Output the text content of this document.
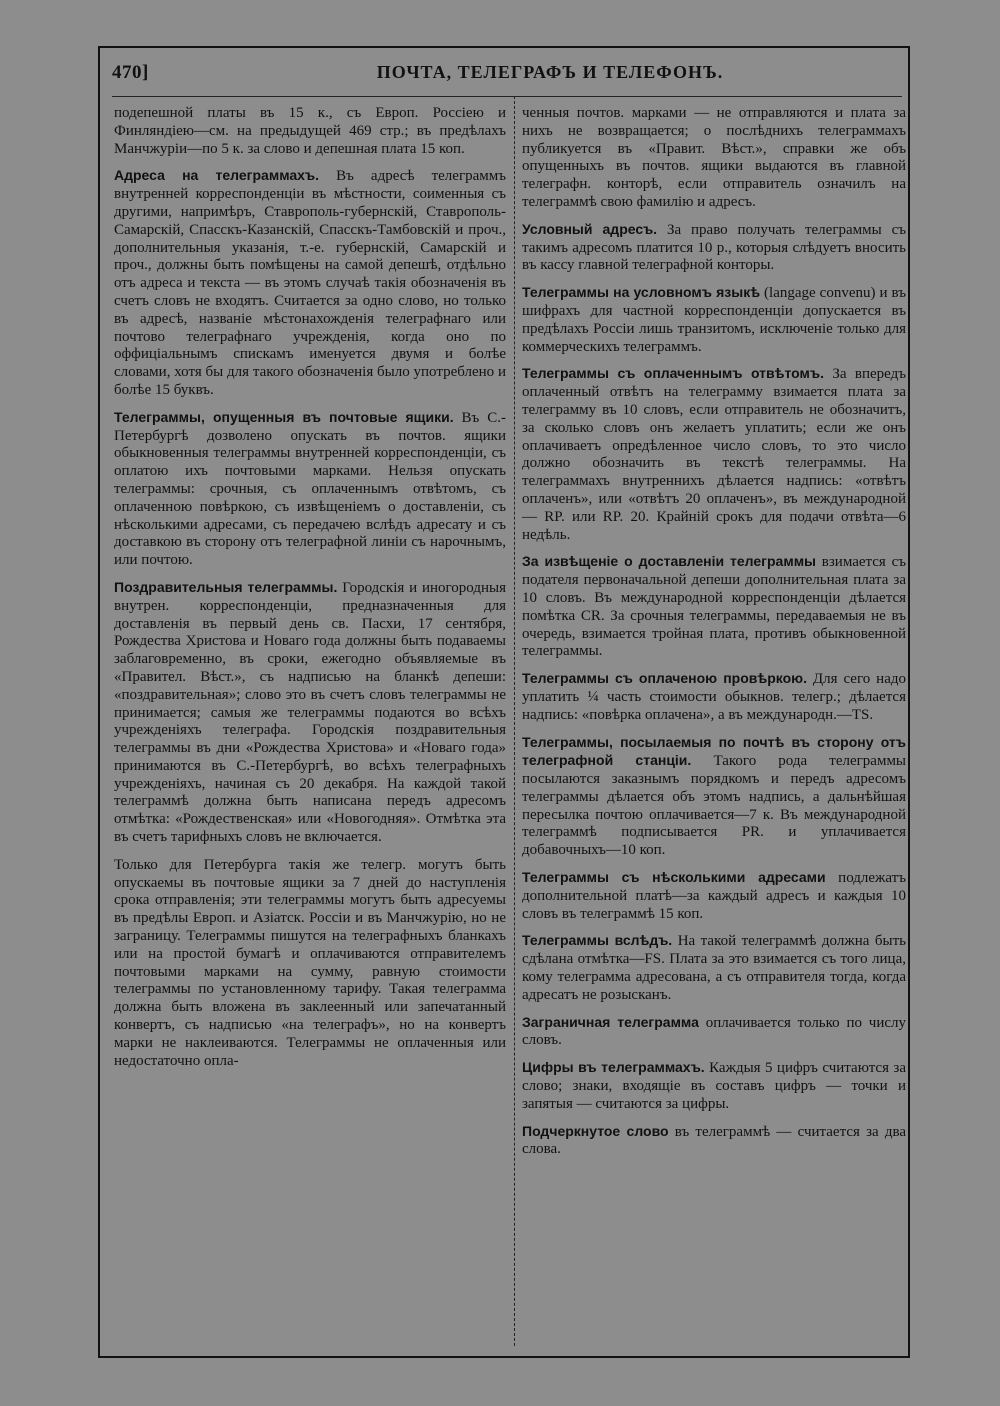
470]	ПОЧТА, ТЕЛЕГРАФЪ И ТЕЛЕФОНЪ.

подепешной платы въ 15 к., съ Европ. Россіею и Финляндіею—см. на предыдущей 469 стр.; въ предѣлахъ Манчжуріи—по 5 к. за слово и депешная плата 15 коп.

Адреса на телеграммахъ. Въ адресѣ телеграммъ внутренней корреспонденціи въ мѣстности, соименныя съ другими, напримѣръ, Ставрополь-губернскій, Ставрополь-Самарскій, Спасскъ-Казанскій, Спасскъ-Тамбовскій и проч., дополнительныя указанія, т.-е. губернскій, Самарскій и проч., должны быть помѣщены на самой депешѣ, отдѣльно отъ адреса и текста — въ этомъ случаѣ такія обозначенія въ счетъ словъ не входятъ. Считается за одно слово, но только въ адресѣ, названіе мѣстонахожденія телеграфнаго или почтово телеграфнаго учрежденія, когда оно по оффиціальнымъ спискамъ именуется двумя и болѣе словами, хотя бы для такого обозначенія было употреблено и болѣе 15 буквъ.

Телеграммы, опущенныя въ почтовые ящики. Въ С.-Петербургѣ дозволено опускать въ почтов. ящики обыкновенныя телеграммы внутренней корреспонденціи, съ оплатою ихъ почтовыми марками. Нельзя опускать телеграммы: срочныя, съ оплаченнымъ отвѣтомъ, съ оплаченною повѣркою, съ извѣщеніемъ о доставленіи, съ нѣсколькими адресами, съ передачею вслѣдъ адресату и съ доставкою въ сторону отъ телеграфной линіи съ нарочнымъ, или почтою.

Поздравительныя телеграммы. Городскія и иногородныя внутрен. корреспонденціи, предназначенныя для доставленія въ первый день св. Пасхи, 17 сентября, Рождества Христова и Новаго года должны быть подаваемы заблаговременно, въ сроки, ежегодно объявляемые въ «Правител. Вѣст.», съ надписью на бланкѣ депеши: «поздравительная»; слово это въ счетъ словъ телеграммы не принимается; самыя же телеграммы подаются во всѣхъ учрежденіяхъ телеграфа. Городскія поздравительныя телеграммы въ дни «Рождества Христова» и «Новаго года» принимаются въ С.-Петербургѣ, во всѣхъ телеграфныхъ учрежденіяхъ, начиная съ 20 декабря. На каждой такой телеграммѣ должна быть написана передъ адресомъ отмѣтка: «Рождественская» или «Новогодняя». Отмѣтка эта въ счетъ тарифныхъ словъ не включается.

Только для Петербурга такія же телегр. могутъ быть опускаемы въ почтовые ящики за 7 дней до наступленія срока отправленія; эти телеграммы могутъ быть адресуемы въ предѣлы Европ. и Азіатск. Россіи и въ Манчжурію, но не заграницу. Телеграммы пишутся на телеграфныхъ бланкахъ или на простой бумагѣ и оплачиваются отправителемъ почтовыми марками на сумму, равную стоимости телеграммы по установленному тарифу. Такая телеграмма должна быть вложена въ заклеенный или запечатанный конвертъ, съ надписью «на телеграфъ», но на конвертъ марки не наклеиваются. Телеграммы не оплаченныя или недостаточно опла-

ченныя почтов. марками — не отправляются и плата за нихъ не возвращается; о послѣднихъ телеграммахъ публикуется въ «Правит. Вѣст.», справки же объ опущенныхъ въ почтов. ящики выдаются въ главной телеграфн. конторѣ, если отправитель означилъ на телеграммѣ свою фамилію и адресъ.

Условный адресъ. За право получать телеграммы съ такимъ адресомъ платится 10 р., которыя слѣдуетъ вносить въ кассу главной телеграфной конторы.

Телеграммы на условномъ языкѣ (langage convenu) и въ шифрахъ для частной корреспонденціи допускается въ предѣлахъ Россіи лишь транзитомъ, исключеніе только для коммерческихъ телеграммъ.

Телеграммы съ оплаченнымъ отвѣтомъ. За впередъ оплаченный отвѣтъ на телеграмму взимается плата за телеграмму въ 10 словъ, если отправитель не обозначитъ, за сколько словъ онъ желаетъ уплатить; если же онъ оплачиваетъ опредѣленное число словъ, то это число должно обозначить въ текстѣ телеграммы. На телеграммахъ внутреннихъ дѣлается надпись: «отвѣтъ оплаченъ», или «отвѣтъ 20 оплаченъ», въ международной — RP. или RP. 20. Крайній срокъ для подачи отвѣта—6 недѣль.

За извѣщеніе о доставленіи телеграммы взимается съ подателя первоначальной депеши дополнительная плата за 10 словъ. Въ международной корреспонденціи дѣлается помѣтка CR. За срочныя телеграммы, передаваемыя не въ очередь, взимается тройная плата, противъ обыкновенной телеграммы.

Телеграммы съ оплаченою провѣркою. Для сего надо уплатить ¼ часть стоимости обыкнов. телегр.; дѣлается надпись: «повѣрка оплачена», а въ международн.—TS.

Телеграммы, посылаемыя по почтѣ въ сторону отъ телеграфной станціи. Такого рода телеграммы посылаются заказнымъ порядкомъ и передъ адресомъ телеграммы дѣлается объ этомъ надпись, а дальнѣйшая пересылка почтою оплачивается—7 к. Въ международной телеграммѣ подписывается PR. и уплачивается добавочныхъ—10 коп.

Телеграммы съ нѣсколькими адресами подлежатъ дополнительной платѣ—за каждый адресъ и каждыя 10 словъ въ телеграммѣ 15 коп.

Телеграммы вслѣдъ. На такой телеграммѣ должна быть сдѣлана отмѣтка—FS. Плата за это взимается съ того лица, кому телеграмма адресована, а съ отправителя тогда, когда адресатъ не розысканъ.

Заграничная телеграмма оплачивается только по числу словъ.

Цифры въ телеграммахъ. Каждыя 5 цифръ считаются за слово; знаки, входящіе въ составъ цифръ — точки и запятыя — считаются за цифры.

Подчеркнутое слово въ телеграммѣ — считается за два слова.
